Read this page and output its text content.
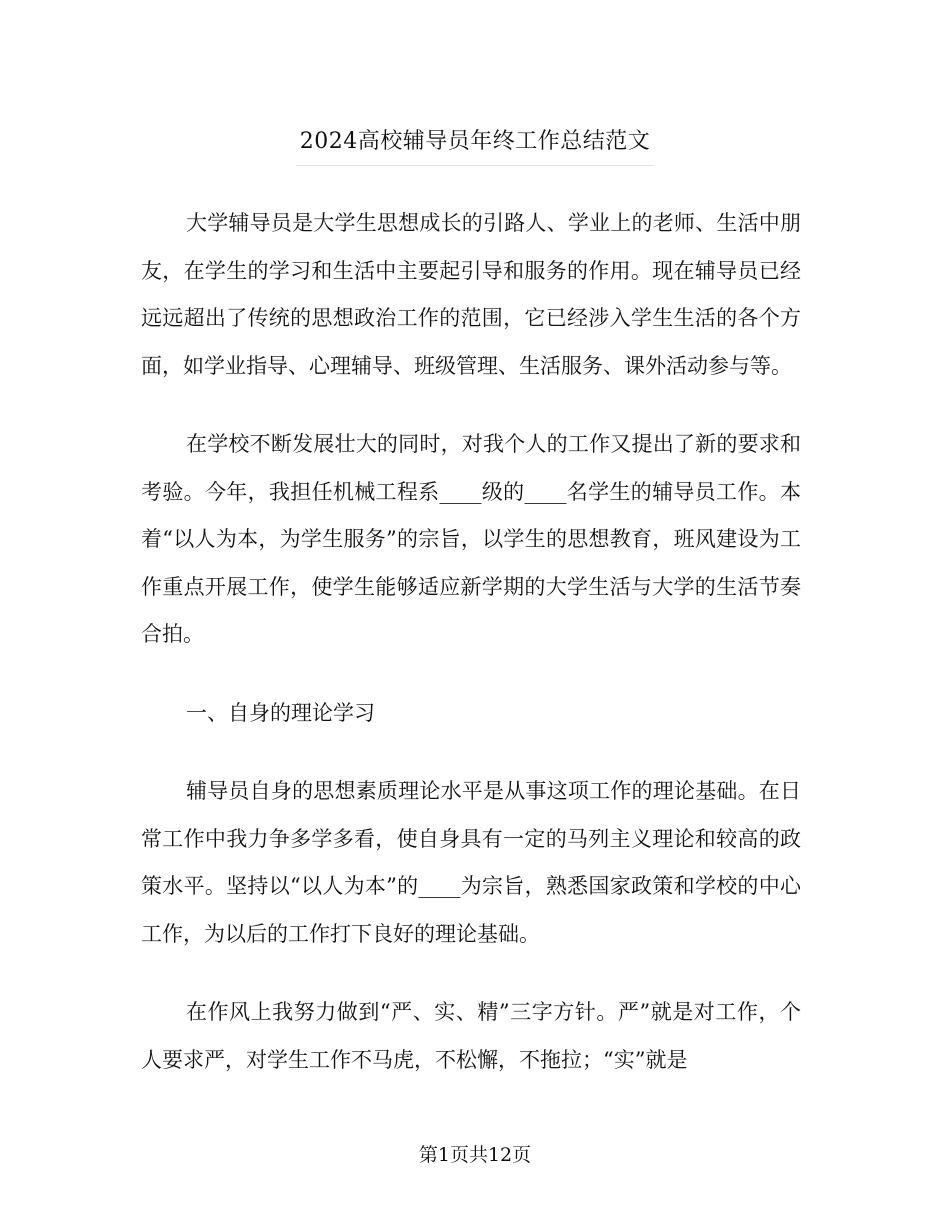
2024高校辅导员年终工作总结范文

大学辅导员是大学生思想成长的引路人、学业上的老师、生活中朋友，在学生的学习和生活中主要起引导和服务的作用。现在辅导员已经远远超出了传统的思想政治工作的范围，它已经涉入学生生活的各个方面，如学业指导、心理辅导、班级管理、生活服务、课外活动参与等。

在学校不断发展壮大的同时，对我个人的工作又提出了新的要求和考验。今年，我担任机械工程系____级的____名学生的辅导员工作。本着“以人为本，为学生服务”的宗旨，以学生的思想教育，班风建设为工作重点开展工作，使学生能够适应新学期的大学生活与大学的生活节奏合拍。

一、自身的理论学习

辅导员自身的思想素质理论水平是从事这项工作的理论基础。在日常工作中我力争多学多看，使自身具有一定的马列主义理论和较高的政策水平。坚持以“以人为本”的____为宗旨，熟悉国家政策和学校的中心工作，为以后的工作打下良好的理论基础。

在作风上我努力做到“严、实、精”三字方针。严”就是对工作，个人要求严，对学生工作不马虎，不松懈，不拖拉；“实”就是

第1页共12页
